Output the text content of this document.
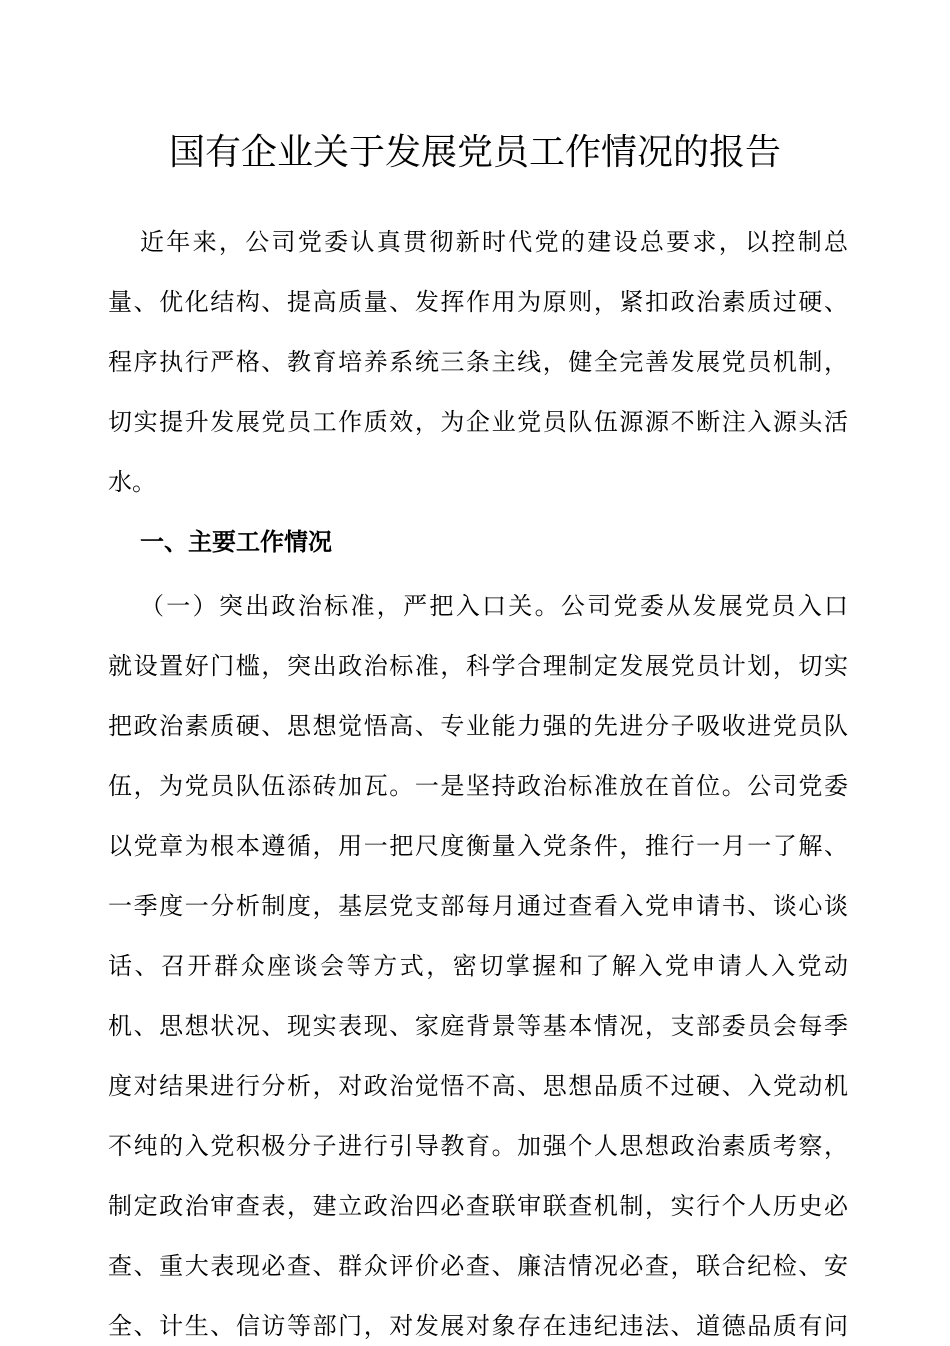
国有企业关于发展党员工作情况的报告
近年来，公司党委认真贯彻新时代党的建设总要求，以控制总
量、优化结构、提高质量、发挥作用为原则，紧扣政治素质过硬、
程序执行严格、教育培养系统三条主线，健全完善发展党员机制，
切实提升发展党员工作质效，为企业党员队伍源源不断注入源头活
水。
一、主要工作情况
（一）突出政治标准，严把入口关。公司党委从发展党员入口
就设置好门槛，突出政治标准，科学合理制定发展党员计划，切实
把政治素质硬、思想觉悟高、专业能力强的先进分子吸收进党员队
伍，为党员队伍添砖加瓦。一是坚持政治标准放在首位。公司党委
以党章为根本遵循，用一把尺度衡量入党条件，推行一月一了解、
一季度一分析制度，基层党支部每月通过查看入党申请书、谈心谈
话、召开群众座谈会等方式，密切掌握和了解入党申请人入党动
机、思想状况、现实表现、家庭背景等基本情况，支部委员会每季
度对结果进行分析，对政治觉悟不高、思想品质不过硬、入党动机
不纯的入党积极分子进行引导教育。加强个人思想政治素质考察，
制定政治审查表，建立政治四必查联审联查机制，实行个人历史必
查、重大表现必查、群众评价必查、廉洁情况必查，联合纪检、安
全、计生、信访等部门，对发展对象存在违纪违法、道德品质有问
